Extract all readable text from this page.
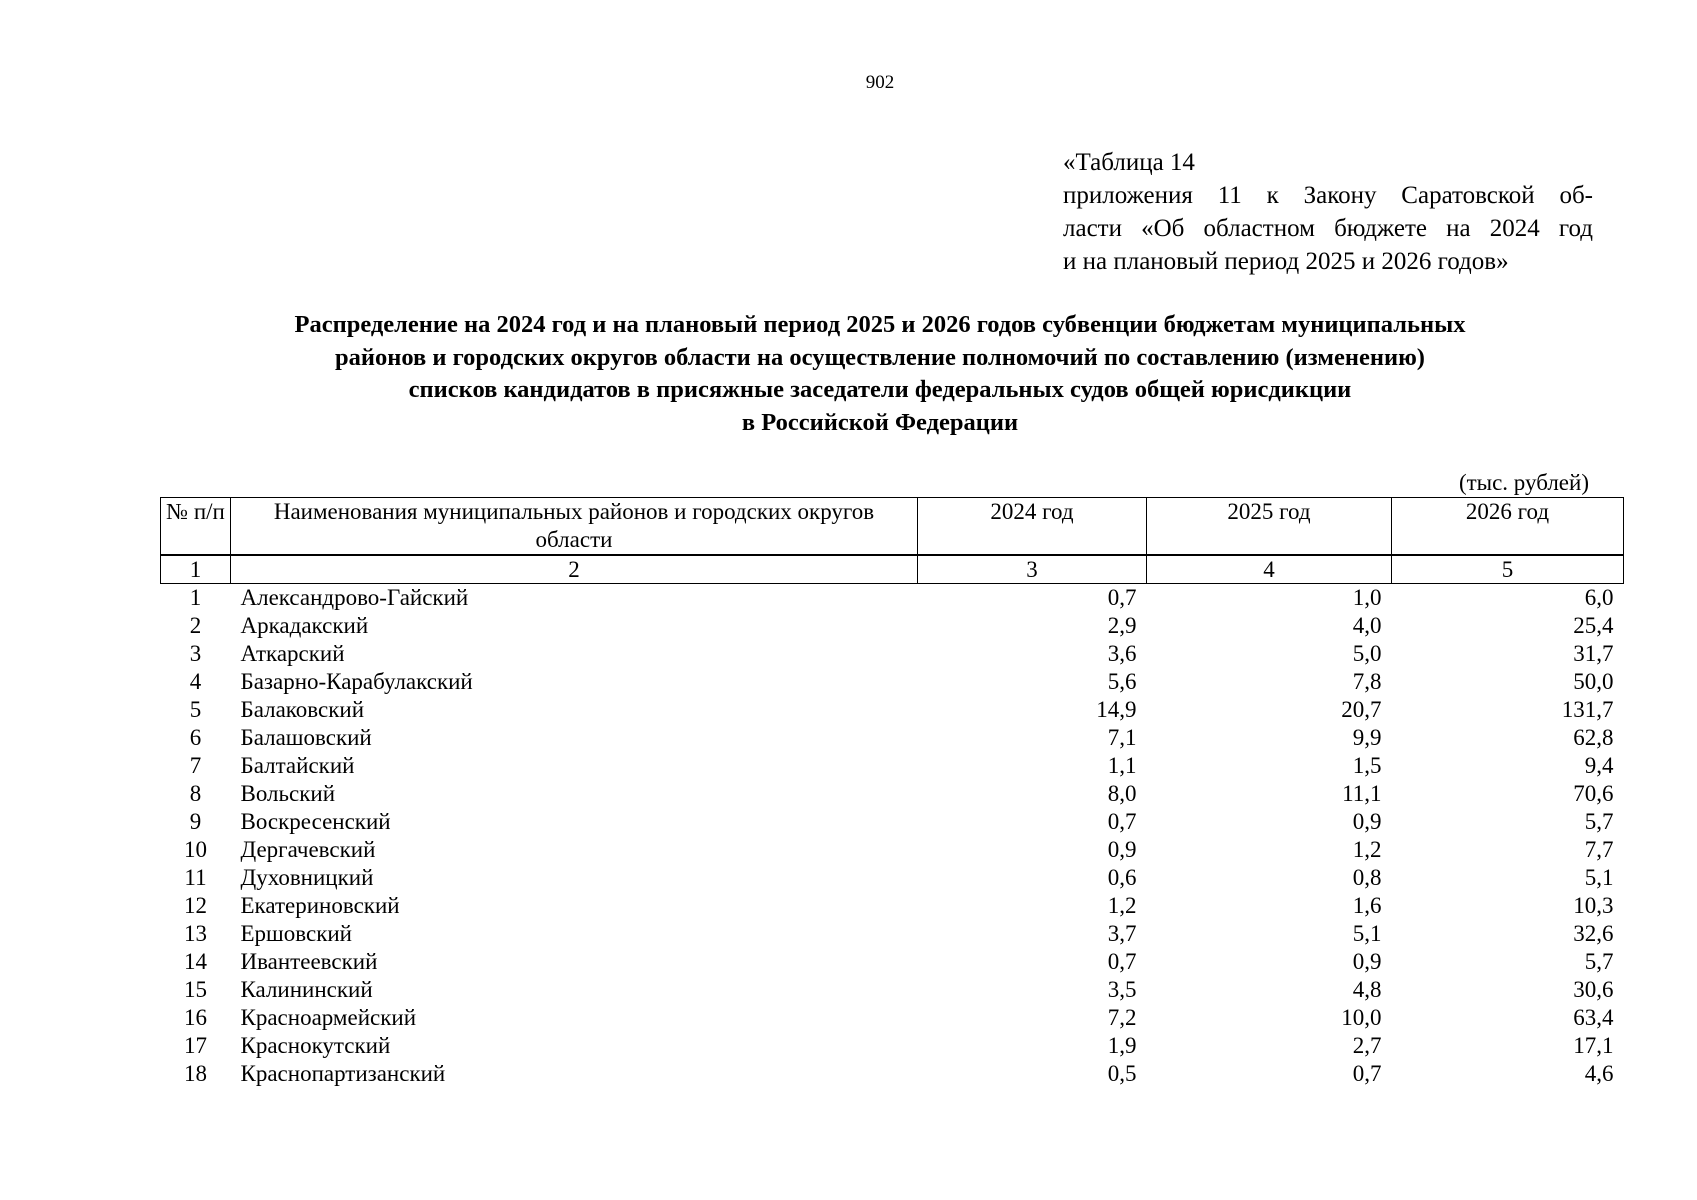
902
«Таблица 14
приложения 11 к Закону Саратовской об-
ласти «Об областном бюджете на 2024 год
и на плановый период 2025 и 2026 годов»
Распределение на 2024 год и на плановый период 2025 и 2026 годов субвенции бюджетам муниципальных
районов и городских округов области на осуществление полномочий по составлению (изменению)
списков кандидатов в присяжные заседатели федеральных судов общей юрисдикции
в Российской Федерации
(тыс. рублей)
№ п/п	Наименования муниципальных районов и городских округов области	2024 год	2025 год	2026 год
1	2	3	4	5
1	Александрово-Гайский	0,7	1,0	6,0
2	Аркадакский	2,9	4,0	25,4
3	Аткарский	3,6	5,0	31,7
4	Базарно-Карабулакский	5,6	7,8	50,0
5	Балаковский	14,9	20,7	131,7
6	Балашовский	7,1	9,9	62,8
7	Балтайский	1,1	1,5	9,4
8	Вольский	8,0	11,1	70,6
9	Воскресенский	0,7	0,9	5,7
10	Дергачевский	0,9	1,2	7,7
11	Духовницкий	0,6	0,8	5,1
12	Екатериновский	1,2	1,6	10,3
13	Ершовский	3,7	5,1	32,6
14	Ивантеевский	0,7	0,9	5,7
15	Калининский	3,5	4,8	30,6
16	Красноармейский	7,2	10,0	63,4
17	Краснокутский	1,9	2,7	17,1
18	Краснопартизанский	0,5	0,7	4,6
